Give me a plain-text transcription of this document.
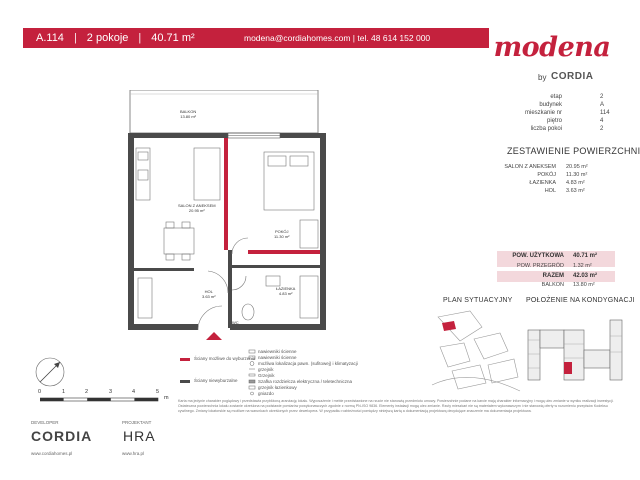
A.114 | 2 pokoje | 40.71 m²	modena@cordiahomes.com | tel. 48 614 152 000 modena
by CORDIA
etap	2
budynek	A
mieszkanie nr	114
piętro	4
liczba pokoi	2
ZESTAWIENIE POWIERZCHNI
SALON Z ANEKSEM 20.95 m²
POKÓJ 11.30 m²
ŁAZIENKA 4.83 m²
HOL 3.63 m²
POW. UŻYTKOWA 40.71 m²
POW. PRZEGRÓD 1.32 m²
RAZEM 42.03 m²
BALKON 13.80 m²
PLAN SYTUACYJNY POŁOŻENIE NA KONDYGNACJI
BALKON
13.80 m²
SALON Z ANEKSEM
20.95 m²
POKÓJ
11.30 m²
ŁAZIENKA
4.83 m²
HOL
3.63 m²
WC
0	1	2	3	4	5
m
Ściany możliwe do wyburzenia
Ściany niewyburzalne
nawiewniki ścienne
nawiewniki ścienne
możliwa lokalizacja pawn. (sufitowej) i klimatyzacji
grzejnik
Grzejnik
Szafka rozdzielcza elektryczna / teletechniczna
grzejnik łazienkowy
gniazdo
DEVELOPER
CORDIA
www.cordiahomes.pl
PROJEKTANT
HRA
www.hra.pl
Karta ma jedynie charakter poglądowy i przedstawia przybliżoną aranżację lokalu. Wyposażenie i meble przedstawione na rzucie nie stanowią przedmiotu umowy. Powierzchnie podane na karcie mają charakter informacyjny i mogą ulec zmianie w wyniku realizacji inwestycji. Ostateczna powierzchnia lokalu zostanie określona na podstawie pomiarów powykonawczych zgodnie z normą PN-ISO 9836. Elementy instalacji mogą ulec zmianie. Rzuty mieszkań nie są materiałem wykonawczym i nie stanowią oferty w rozumieniu przepisów Kodeksu cywilnego. Zmiany lokatorskie są możliwe na warunkach określonych przez dewelopera. W przypadku rozbieżności pomiędzy niniejszą kartą a dokumentacją projektową decydujące znaczenie ma dokumentacja projektowa.
